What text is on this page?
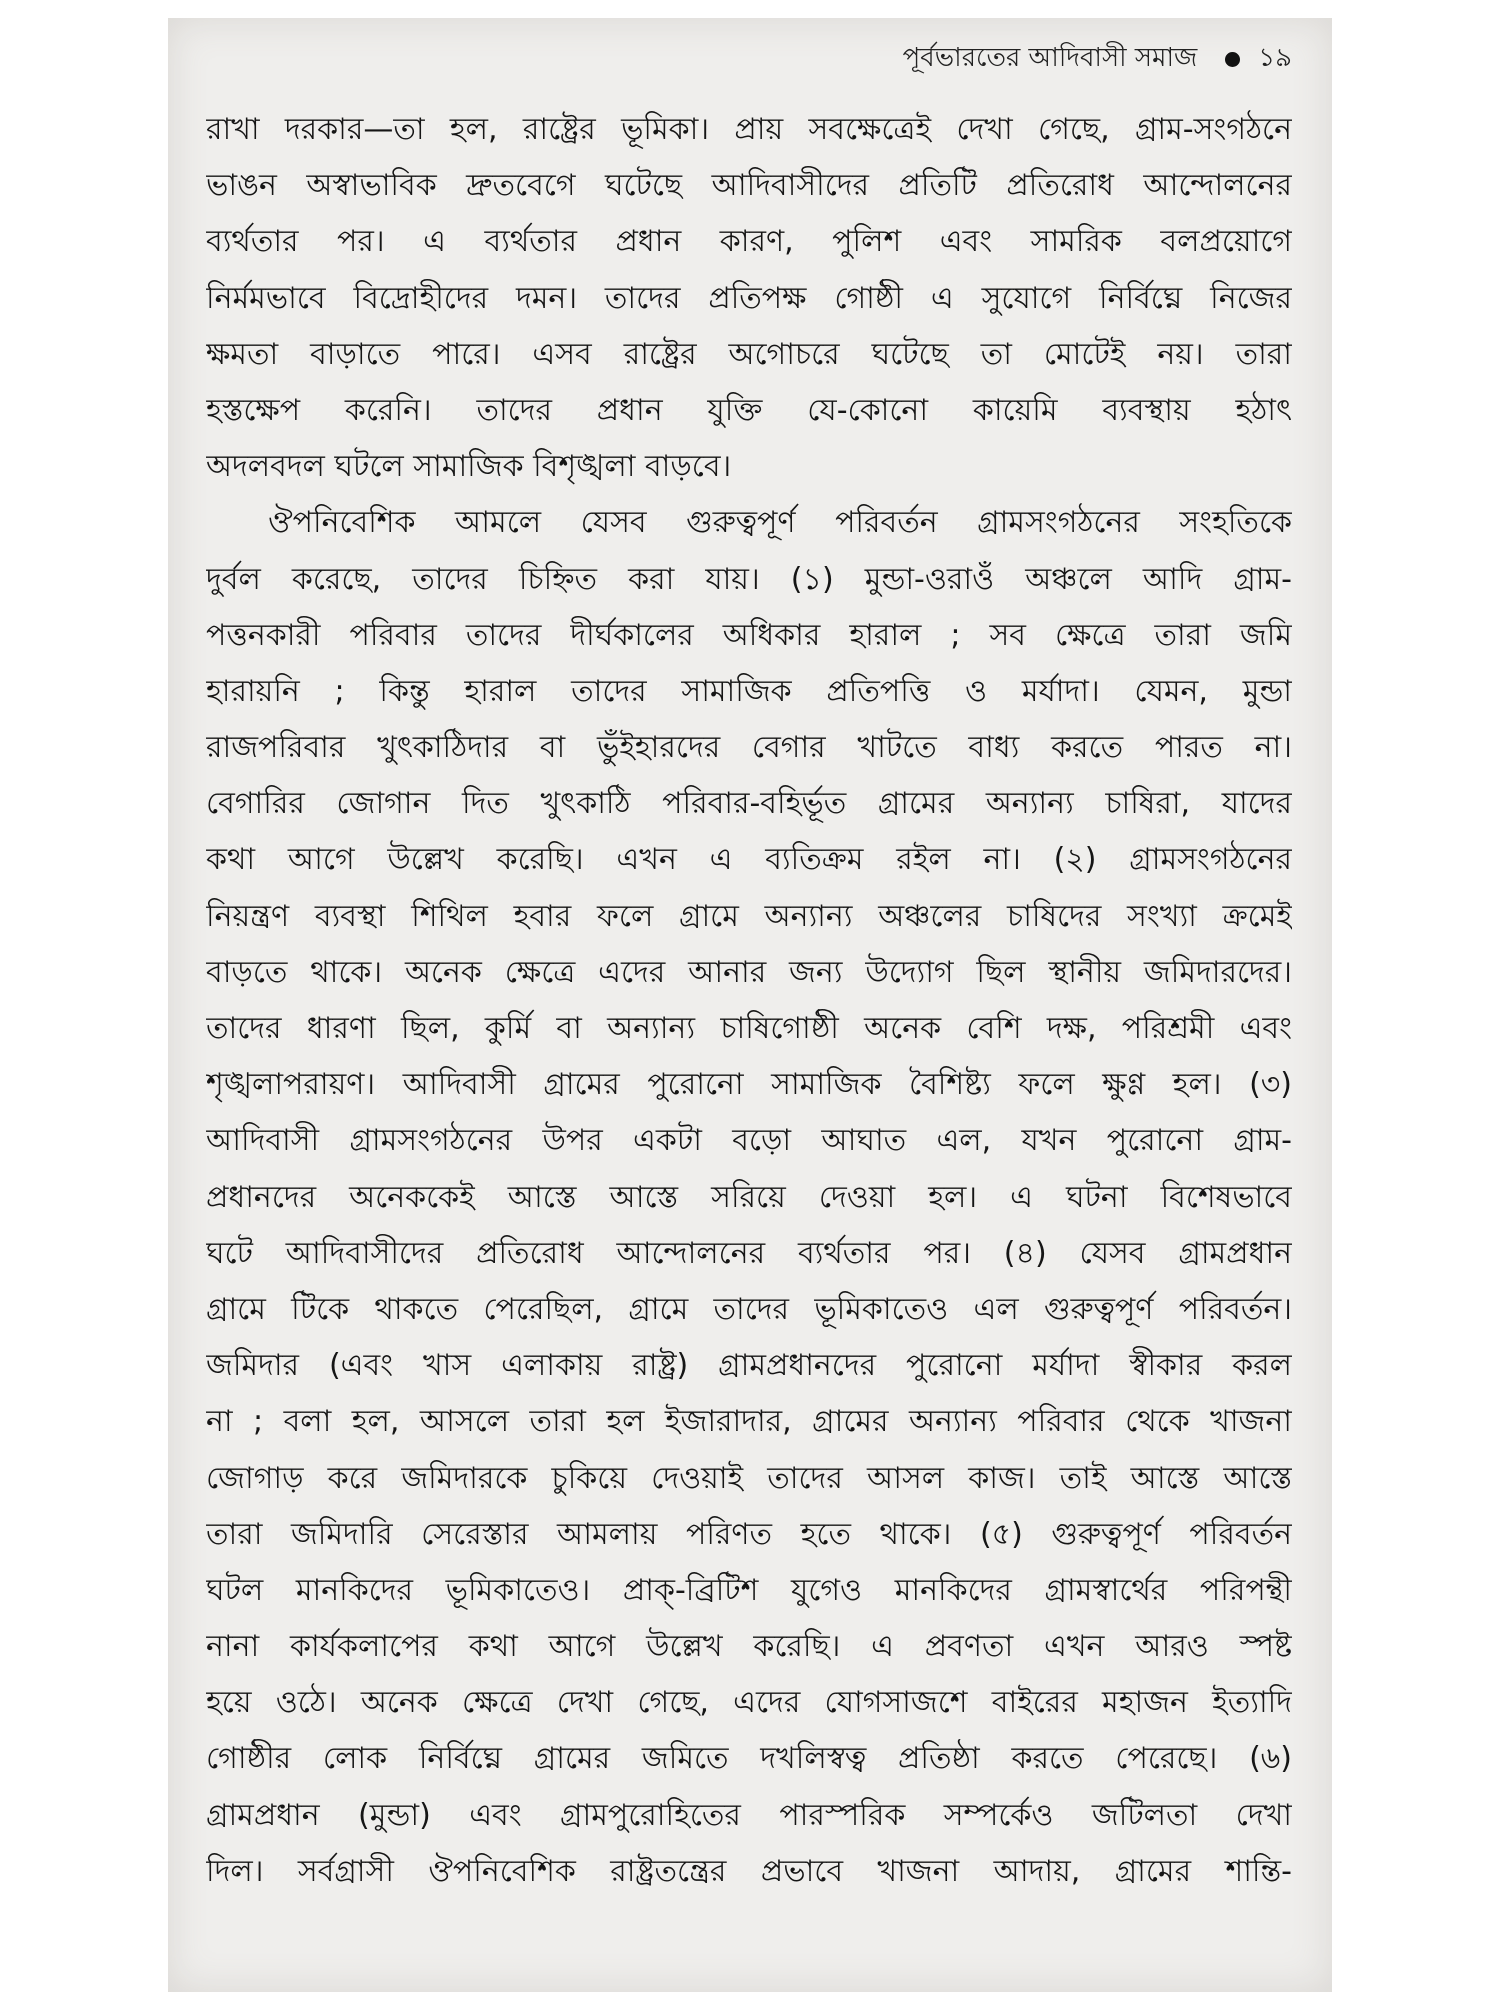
পূর্বভারতের আদিবাসী সমাজ ১৯
রাখা দরকার—তা হল, রাষ্ট্রের ভূমিকা। প্রায় সবক্ষেত্রেই দেখা গেছে, গ্রাম-সংগঠনে
ভাঙন অস্বাভাবিক দ্রুতবেগে ঘটেছে আদিবাসীদের প্রতিটি প্রতিরোধ আন্দোলনের
ব্যর্থতার পর। এ ব্যর্থতার প্রধান কারণ, পুলিশ এবং সামরিক বলপ্রয়োগে
নির্মমভাবে বিদ্রোহীদের দমন। তাদের প্রতিপক্ষ গোষ্ঠী এ সুযোগে নির্বিঘ্নে নিজের
ক্ষমতা বাড়াতে পারে। এসব রাষ্ট্রের অগোচরে ঘটেছে তা মোটেই নয়। তারা
হস্তক্ষেপ করেনি। তাদের প্রধান যুক্তি যে-কোনো কায়েমি ব্যবস্থায় হঠাৎ
অদলবদল ঘটলে সামাজিক বিশৃঙ্খলা বাড়বে।
ঔপনিবেশিক আমলে যেসব গুরুত্বপূর্ণ পরিবর্তন গ্রামসংগঠনের সংহতিকে
দুর্বল করেছে, তাদের চিহ্নিত করা যায়। (১) মুন্ডা-ওরাওঁ অঞ্চলে আদি গ্রাম-
পত্তনকারী পরিবার তাদের দীর্ঘকালের অধিকার হারাল ; সব ক্ষেত্রে তারা জমি
হারায়নি ; কিন্তু হারাল তাদের সামাজিক প্রতিপত্তি ও মর্যাদা। যেমন, মুন্ডা
রাজপরিবার খুৎকাঠিদার বা ভুঁইহারদের বেগার খাটতে বাধ্য করতে পারত না।
বেগারির জোগান দিত খুৎকাঠি পরিবার-বহির্ভূত গ্রামের অন্যান্য চাষিরা, যাদের
কথা আগে উল্লেখ করেছি। এখন এ ব্যতিক্রম রইল না। (২) গ্রামসংগঠনের
নিয়ন্ত্রণ ব্যবস্থা শিথিল হবার ফলে গ্রামে অন্যান্য অঞ্চলের চাষিদের সংখ্যা ক্রমেই
বাড়তে থাকে। অনেক ক্ষেত্রে এদের আনার জন্য উদ্যোগ ছিল স্থানীয় জমিদারদের।
তাদের ধারণা ছিল, কুর্মি বা অন্যান্য চাষিগোষ্ঠী অনেক বেশি দক্ষ, পরিশ্রমী এবং
শৃঙ্খলাপরায়ণ। আদিবাসী গ্রামের পুরোনো সামাজিক বৈশিষ্ট্য ফলে ক্ষুণ্ণ হল। (৩)
আদিবাসী গ্রামসংগঠনের উপর একটা বড়ো আঘাত এল, যখন পুরোনো গ্রাম-
প্রধানদের অনেককেই আস্তে আস্তে সরিয়ে দেওয়া হল। এ ঘটনা বিশেষভাবে
ঘটে আদিবাসীদের প্রতিরোধ আন্দোলনের ব্যর্থতার পর। (৪) যেসব গ্রামপ্রধান
গ্রামে টিকে থাকতে পেরেছিল, গ্রামে তাদের ভূমিকাতেও এল গুরুত্বপূর্ণ পরিবর্তন।
জমিদার (এবং খাস এলাকায় রাষ্ট্র) গ্রামপ্রধানদের পুরোনো মর্যাদা স্বীকার করল
না ; বলা হল, আসলে তারা হল ইজারাদার, গ্রামের অন্যান্য পরিবার থেকে খাজনা
জোগাড় করে জমিদারকে চুকিয়ে দেওয়াই তাদের আসল কাজ। তাই আস্তে আস্তে
তারা জমিদারি সেরেস্তার আমলায় পরিণত হতে থাকে। (৫) গুরুত্বপূর্ণ পরিবর্তন
ঘটল মানকিদের ভূমিকাতেও। প্রাক্-ব্রিটিশ যুগেও মানকিদের গ্রামস্বার্থের পরিপন্থী
নানা কার্যকলাপের কথা আগে উল্লেখ করেছি। এ প্রবণতা এখন আরও স্পষ্ট
হয়ে ওঠে। অনেক ক্ষেত্রে দেখা গেছে, এদের যোগসাজশে বাইরের মহাজন ইত্যাদি
গোষ্ঠীর লোক নির্বিঘ্নে গ্রামের জমিতে দখলিস্বত্ব প্রতিষ্ঠা করতে পেরেছে। (৬)
গ্রামপ্রধান (মুন্ডা) এবং গ্রামপুরোহিতের পারস্পরিক সম্পর্কেও জটিলতা দেখা
দিল। সর্বগ্রাসী ঔপনিবেশিক রাষ্ট্রতন্ত্রের প্রভাবে খাজনা আদায়, গ্রামের শান্তি-
